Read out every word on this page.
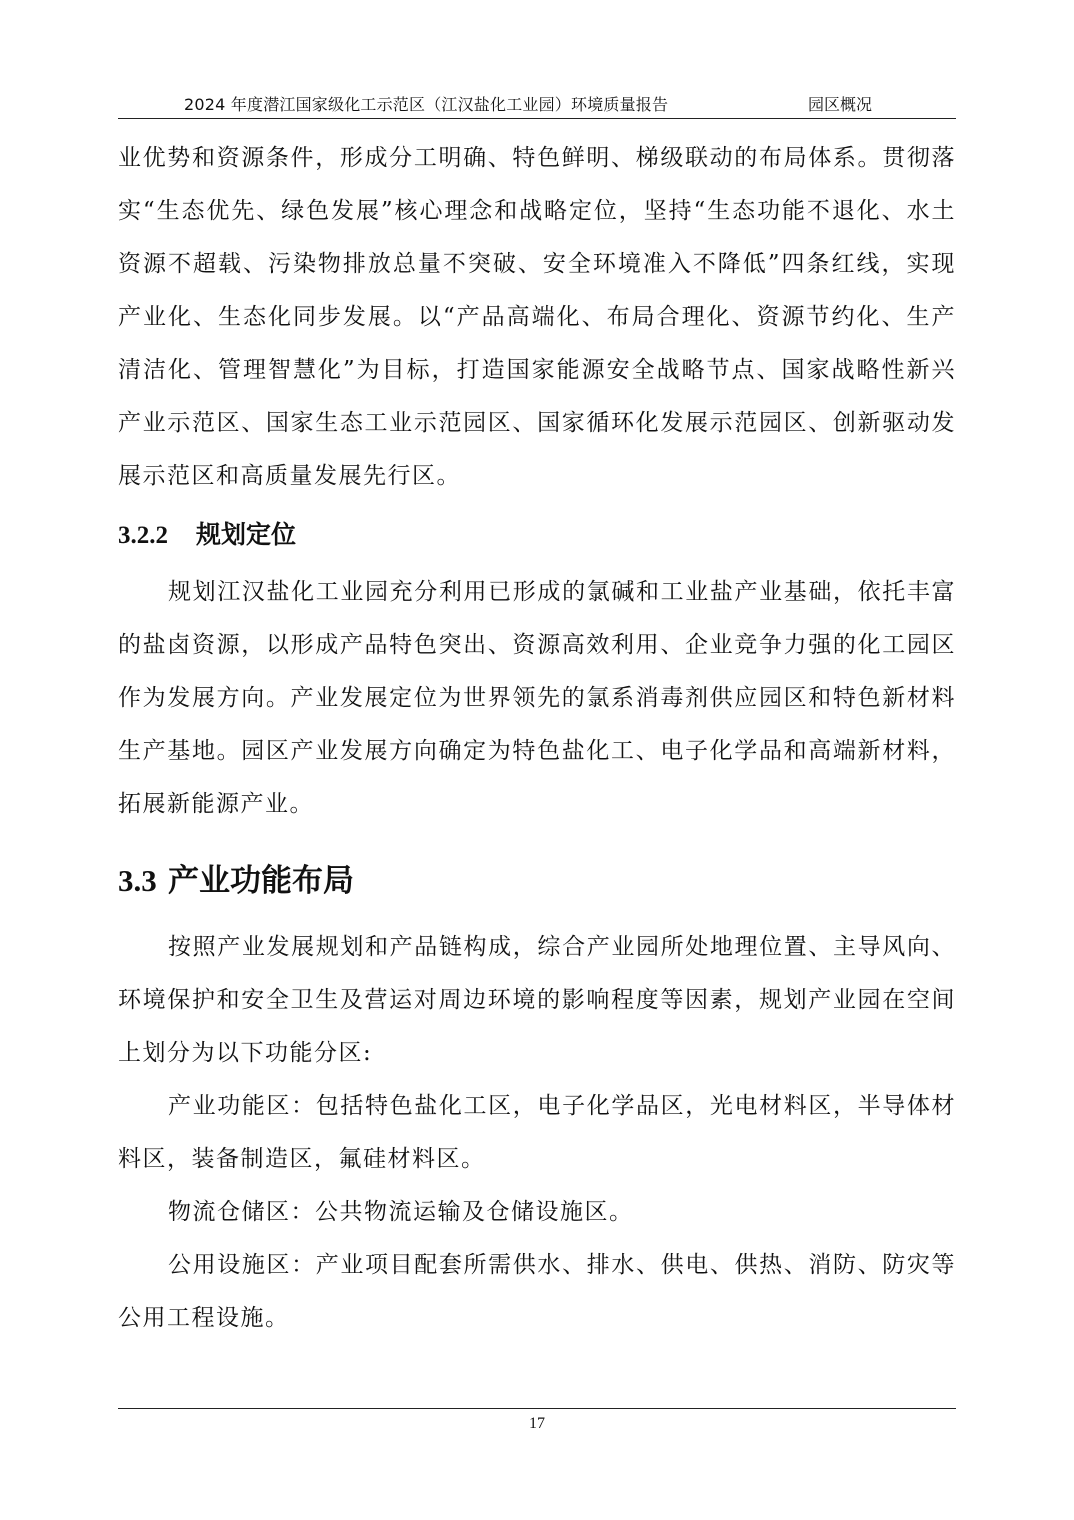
2024 年度潜江国家级化工示范区（江汉盐化工业园）环境质量报告	园区概况

业优势和资源条件，形成分工明确、特色鲜明、梯级联动的布局体系。贯彻落实“生态优先、绿色发展”核心理念和战略定位，坚持“生态功能不退化、水土资源不超载、污染物排放总量不突破、安全环境准入不降低”四条红线，实现产业化、生态化同步发展。以“产品高端化、布局合理化、资源节约化、生产清洁化、管理智慧化”为目标，打造国家能源安全战略节点、国家战略性新兴产业示范区、国家生态工业示范园区、国家循环化发展示范园区、创新驱动发展示范区和高质量发展先行区。

3.2.2 规划定位

规划江汉盐化工业园充分利用已形成的氯碱和工业盐产业基础，依托丰富的盐卤资源，以形成产品特色突出、资源高效利用、企业竞争力强的化工园区作为发展方向。产业发展定位为世界领先的氯系消毒剂供应园区和特色新材料生产基地。园区产业发展方向确定为特色盐化工、电子化学品和高端新材料，拓展新能源产业。

3.3 产业功能布局

按照产业发展规划和产品链构成，综合产业园所处地理位置、主导风向、环境保护和安全卫生及营运对周边环境的影响程度等因素，规划产业园在空间上划分为以下功能分区:

产业功能区：包括特色盐化工区，电子化学品区，光电材料区，半导体材料区，装备制造区，氟硅材料区。

物流仓储区：公共物流运输及仓储设施区。

公用设施区：产业项目配套所需供水、排水、供电、供热、消防、防灾等公用工程设施。

17
